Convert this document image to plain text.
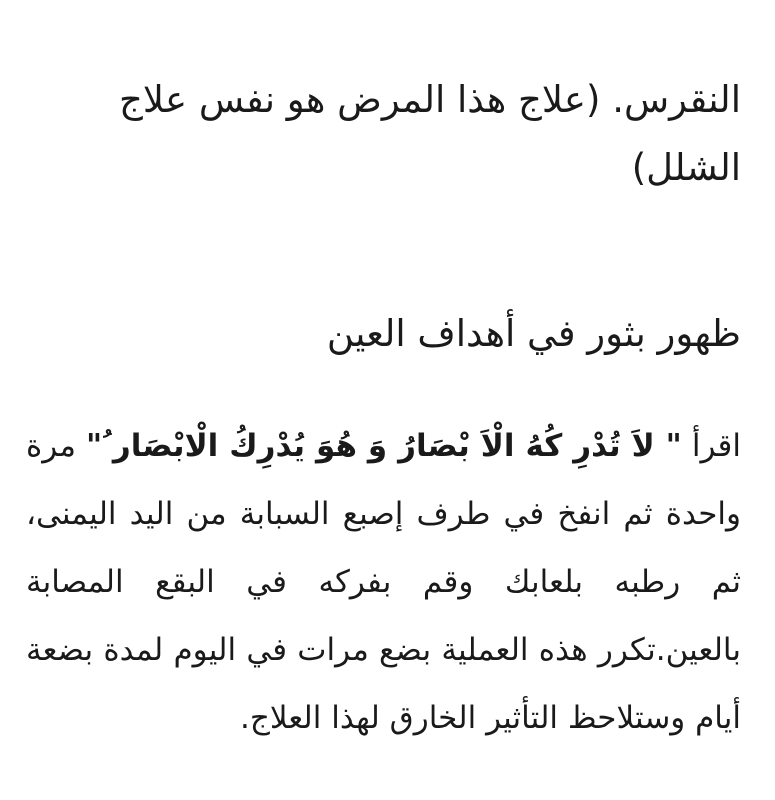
النقرس. (علاج هذا المرض هو نفس علاج الشلل)

ظهور بثور في أهداف العين

اقرأ " لاَ تُدْرِ كُهُ الْاَ بْصَارُ وَ هُوَ يُدْرِكُ الْابْصَار ُ" مرة واحدة ثم انفخ في طرف إصبع السبابة من اليد اليمنى، ثم رطبه بلعابك وقم بفركه في البقع المصابة بالعين.تكرر هذه العملية بضع مرات في اليوم لمدة بضعة أيام وستلاحظ التأثير الخارق لهذا العلاج.
